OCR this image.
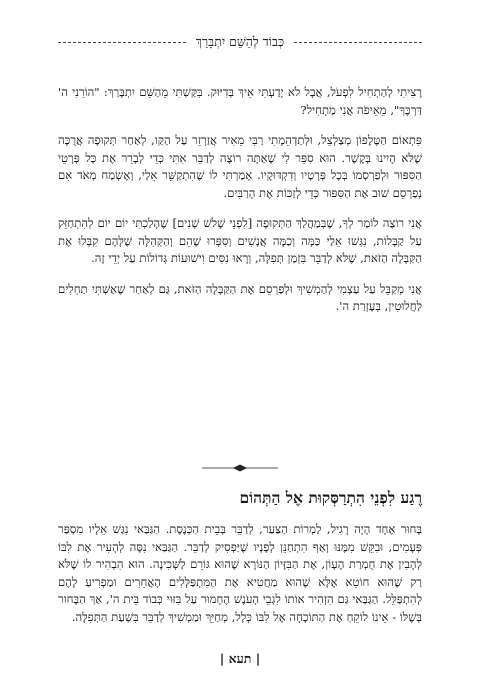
כְּבוֹד לְהַשֵּׁם יִתְבָּרַךְ

רָצִיתִי לְהַתְחִיל לִפְעֹל, אֲבָל לֹא יָדַעְתִּי אֵיךְ בְּדִיּוּק. בִּקַּשְׁתִּי מֵהַשֵּׁם יִתְבָּרַךְ: "הוֹרֵנִי ה' דַּרְכֶּךָ", מֵאֵיפֹה אֲנִי מַתְחִיל?

פִּתְאוֹם הַטֶּלֶפוֹן מְצַלְצֵל, וּלְתַדְהֵמָתִי רַבִּי מֵאִיר אֲזַרְזֵר עַל הַקַּו, לְאַחַר תְּקוּפָה אֲרֻכָּה שֶׁלֹּא הָיִינוּ בְּקֶשֶׁר. הוּא סִפֵּר לִי שֶׁאַתָּה רוֹצֶה לְדַבֵּר אִתִּי כְּדֵי לְבָרֵר אֶת כָּל פְּרָטֵי הַסִּפּוּר וּלְפַרְסְמוֹ בְּכָל פְּרָטָיו וְדִקְדּוּקָיו. אָמַרְתִּי לוֹ שֶׁהִתְקַשֵּׁר אֵלַי, וְאֶשְׂמַח מְאֹד אִם נְפַרְסֵם שׁוּב אֶת הַסִּפּוּר כְּדֵי לְזַכּוֹת אֶת הָרַבִּים.

אֲנִי רוֹצֶה לוֹמַר לְךָ, שֶׁבְּמַהֲלַךְ הַתְּקוּפָה [לִפְנֵי שָׁלֹשׁ שָׁנִים] שֶׁהָלַכְתִּי יוֹם יוֹם לְהִתְחַזֵּק עַל קַבָּלוֹת, נִגְּשׁוּ אֵלַי כַּמָּה וְכַמָּה אֲנָשִׁים וְסִפְּרוּ שֶׁהֵם וְהַקְּהִלָּה שֶׁלָּהֶם קִבְּלוּ אֶת הַקַּבָּלָה הַזֹּאת, שֶׁלֹּא לְדַבֵּר בִּזְמַן תְּפִלָּה, וְרָאוּ נִסִּים וִישׁוּעוֹת גְּדוֹלוֹת עַל יְדֵי זֶה.

אֲנִי מְקַבֵּל עַל עַצְמִי לְהַמְשִׁיךְ וּלְפַרְסֵם אֶת הַקַּבָּלָה הַזֹּאת, גַּם לְאַחַר שֶׁאַשְׁתִּי תַחְלִים לַחֲלוּטִין, בְּעֶזְרַת ה'.

רֶגַע לִפְנֵי הִתְרַסְּקוּת אֶל הַתְּהוֹם

בָּחוּר אֶחָד הָיָה רָגִיל, לַמְרוֹת הַצַּעַר, לְדַבֵּר בְּבֵית הַכְּנֶסֶת. הַגַּבַּאי נִגַּשׁ אֵלָיו מִסְפַּר פְּעָמִים, וּבִקֵּשׁ מִמֶּנּוּ וְאַף הִתְחַנֵּן לְפָנָיו שֶׁיַּפְסִיק לְדַבֵּר. הַגַּבַּאי נִסָּה לְהָעִיר אֶת לִבּוֹ לְהָבִין אֶת חֻמְרַת הֶעָוֹן, אֶת הַבִּזָּיוֹן הַנּוֹרָא שֶׁהוּא גּוֹרֵם לַשְּׁכִינָה. הוּא הִבְהִיר לוֹ שֶׁלֹּא רַק שֶׁהוּא חוֹטֵא אֶלָּא שֶׁהוּא מַחֲטִיא אֶת הַמִּתְפַּלְּלִים הָאֲחֵרִים וּמַפְרִיעַ לָהֶם לְהִתְפַּלֵּל. הַגַּבַּאי גַּם הִזְהִיר אוֹתוֹ לִגְבֵי הָעֹנֶשׁ הֶחָמוּר עַל בִּזּוּי כְּבוֹד בֵּית ה', אַךְ הַבָּחוּר בְּשֶׁלּוֹ - אֵינוֹ לוֹקֵחַ אֶת הַתּוֹכָחָה אֶל לִבּוֹ כְּלָל, מְחַיֵּךְ וּמַמְשִׁיךְ לְדַבֵּר בִּשְׁעַת הַתְּפִלָּה.

| תעא |
